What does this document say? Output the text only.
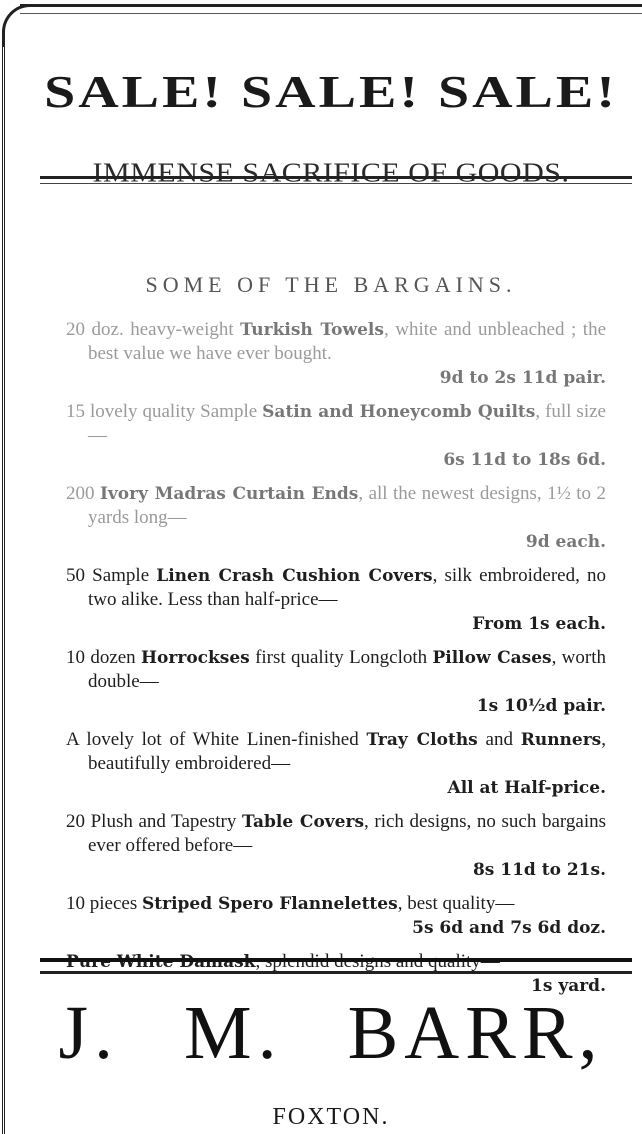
SALE! SALE! SALE!
IMMENSE SACRIFICE OF GOODS.
SOME OF THE BARGAINS.
20 doz. heavy-weight Turkish Towels, white and unbleached ; the best value we have ever bought.
9d to 2s 11d pair.
15 lovely quality Sample Satin and Honeycomb Quilts, full size—
6s 11d to 18s 6d.
200 Ivory Madras Curtain Ends, all the newest designs, 1½ to 2 yards long—
9d each.
50 Sample Linen Crash Cushion Covers, silk embroidered, no two alike. Less than half-price—
From 1s each.
10 dozen Horrockses first quality Longcloth Pillow Cases, worth double—
1s 10½d pair.
A lovely lot of White Linen-finished Tray Cloths and Runners, beautifully embroidered—
All at Half-price.
20 Plush and Tapestry Table Covers, rich designs, no such bargains ever offered before—
8s 11d to 21s.
10 pieces Striped Spero Flannelettes, best quality—
5s 6d and 7s 6d doz.
Pure White Damask, splendid designs and quality—
1s yard.
J. M. BARR,
FOXTON.
